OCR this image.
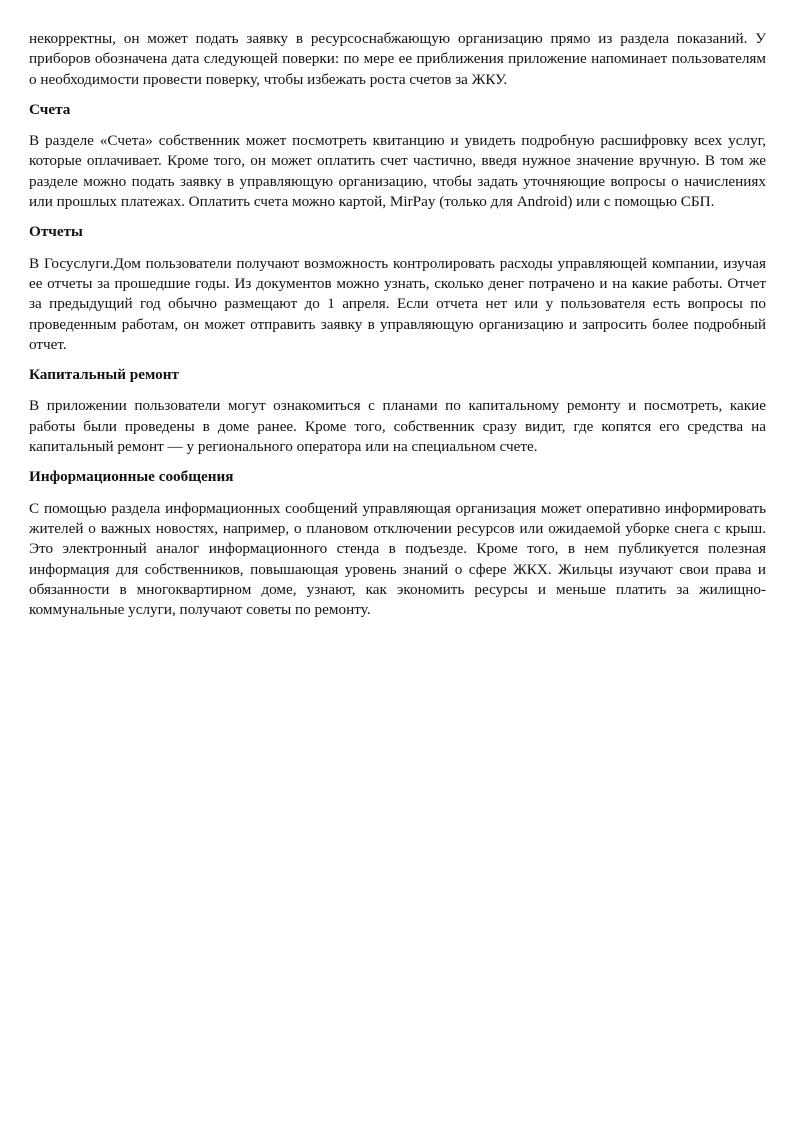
некорректны, он может подать заявку в ресурсоснабжающую организацию прямо из раздела показаний. У приборов обозначена дата следующей поверки: по мере ее приближения приложение напоминает пользователям о необходимости провести поверку, чтобы избежать роста счетов за ЖКУ.

Счета

В разделе «Счета» собственник может посмотреть квитанцию и увидеть подробную расшифровку всех услуг, которые оплачивает. Кроме того, он может оплатить счет частично, введя нужное значение вручную. В том же разделе можно подать заявку в управляющую организацию, чтобы задать уточняющие вопросы о начислениях или прошлых платежах. Оплатить счета можно картой, MirPay (только для Android) или с помощью СБП.

Отчеты

В Госуслуги.Дом пользователи получают возможность контролировать расходы управляющей компании, изучая ее отчеты за прошедшие годы. Из документов можно узнать, сколько денег потрачено и на какие работы. Отчет за предыдущий год обычно размещают до 1 апреля. Если отчета нет или у пользователя есть вопросы по проведенным работам, он может отправить заявку в управляющую организацию и запросить более подробный отчет.

Капитальный ремонт

В приложении пользователи могут ознакомиться с планами по капитальному ремонту и посмотреть, какие работы были проведены в доме ранее. Кроме того, собственник сразу видит, где копятся его средства на капитальный ремонт — у регионального оператора или на специальном счете.

Информационные сообщения

С помощью раздела информационных сообщений управляющая организация может оперативно информировать жителей о важных новостях, например, о плановом отключении ресурсов или ожидаемой уборке снега с крыш. Это электронный аналог информационного стенда в подъезде. Кроме того, в нем публикуется полезная информация для собственников, повышающая уровень знаний о сфере ЖКХ. Жильцы изучают свои права и обязанности в многоквартирном доме, узнают, как экономить ресурсы и меньше платить за жилищно-коммунальные услуги, получают советы по ремонту.
